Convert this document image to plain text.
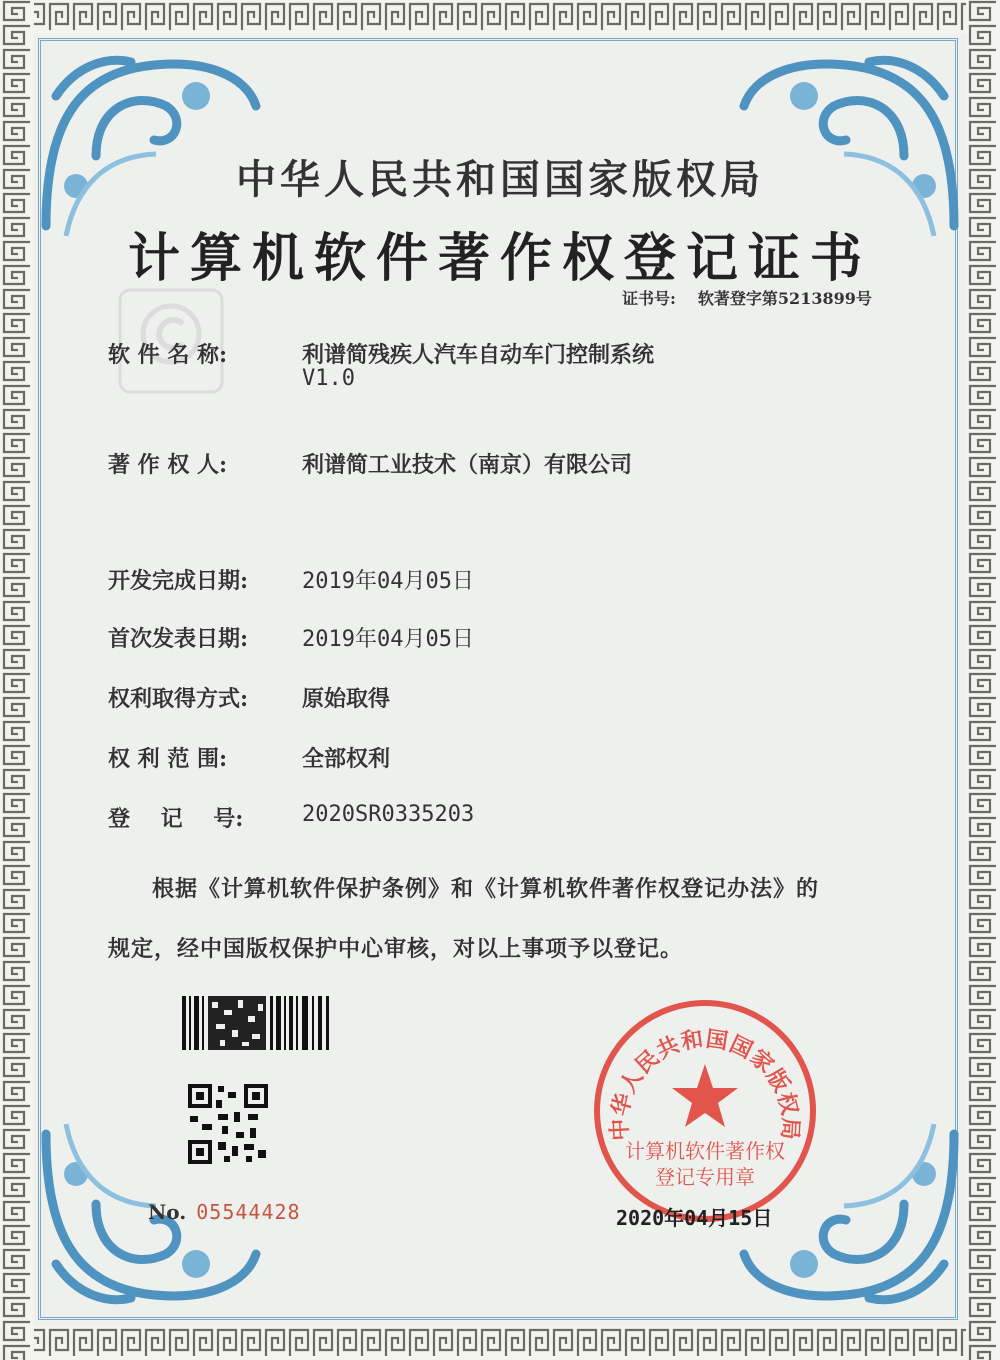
中华人民共和国国家版权局
计算机软件著作权登记证书
证书号: 软著登字第5213899号
软 件 名 称:	利谱简残疾人汽车自动车门控制系统
V1.0
著 作 权 人:	利谱简工业技术（南京）有限公司
开发完成日期: 2019年04月05日
首次发表日期: 2019年04月05日
权利取得方式: 原始取得
权 利 范 围:	全部权利
登    记    号:	2020SR0335203
根据《计算机软件保护条例》和《计算机软件著作权登记办法》的
规定，经中国版权保护中心审核，对以上事项予以登记。
No. 05544428
中华人民共和国国家版权局
计算机软件著作权
登记专用章
2020年04月15日
